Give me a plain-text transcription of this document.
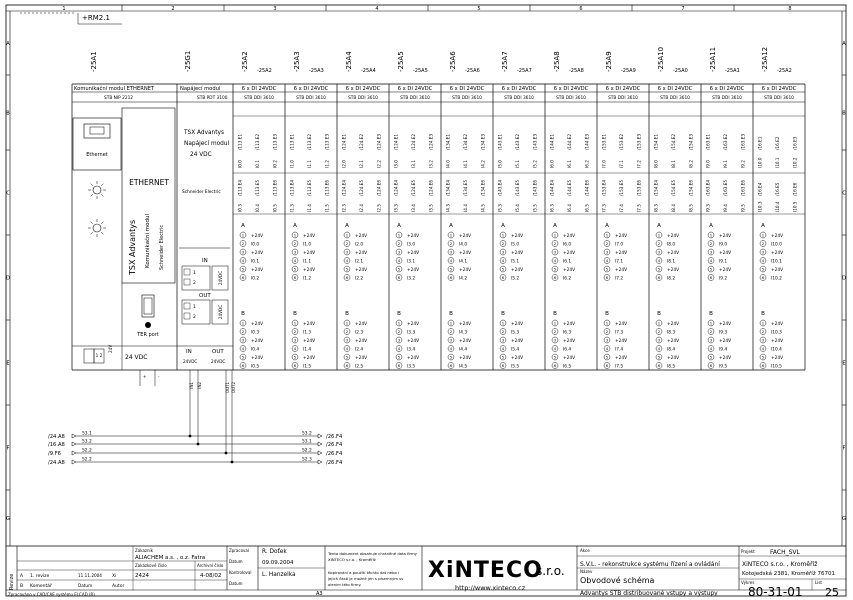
1	2	3	4	5	6	7	8
A	A
B	B
C	C
D	D
E	E
F	F
G	G
+RM2.1
-25A1
Komunikační modul ETHERNET
STB NIP 2212
-25G1
Napájecí modul
STB PDT 3100
-25A2 -25A2
6 x DI 24VDC
STB DDI 3610
-25A3 -25A3
6 x DI 24VDC
STB DDI 3610
-25A4 -25A4
6 x DI 24VDC
STB DDI 3610
-25A5 -25A5
6 x DI 24VDC
STB DDI 3610
-25A6 -25A6
6 x DI 24VDC
STB DDI 3610
-25A7 -25A7
6 x DI 24VDC
STB DDI 3610
-25A8 -25A8
6 x DI 24VDC
STB DDI 3610
-25A9 -25A9
6 x DI 24VDC
STB DDI 3610
-25A10 -25A0
6 x DI 24VDC
STB DDI 3610
-25A11 -25A1
6 x DI 24VDC
STB DDI 3610
-25A12 -25A2
6 x DI 24VDC
STB DDI 3610
Ethernet
ETHERNET
TSX Advantys Komunikační modul Schneider Electric
TER port
TSX Advantys
Napájecí modul
24 VDC
Schneider Electric
IN
24VDC
OUT
24VDC
1
1
2
2
/113.E1
I0.0
/113.E4
I0.3
/113.E2
I0.1
/113.E5
I0.4
/113.E3
I0.2
/113.E6
I0.5
A
1 +24V
2 I0.0
3 +24V
4 I0.1
5 +24V
6 I0.2
B
1 +24V
2 I0.3
3 +24V
4 I0.4
5 +24V
6 I0.5
/113.E1
I1.0
/113.E4
I1.3
/113.E2
I1.1
/113.E5
I1.4
/113.E3
I1.2
/113.E6
I1.5
A
1 +24V
2 I1.0
3 +24V
4 I1.1
5 +24V
6 I1.2
B
1 +24V
2 I1.3
3 +24V
4 I1.4
5 +24V
6 I1.5
/124.E1
I2.0
/124.E4
I2.3
/124.E2
I2.1
/124.E5
I2.4
/124.E3
I2.2
/124.E6
I2.5
A
1 +24V
2 I2.0
3 +24V
4 I2.1
5 +24V
6 I2.2
B
1 +24V
2 I2.3
3 +24V
4 I2.4
5 +24V
6 I2.5
/124.E1
I3.0
/124.E4
I3.3
/124.E2
I3.1
/124.E5
I3.4
/124.E3
I3.2
/124.E6
I3.5
A
1 +24V
2 I3.0
3 +24V
4 I3.1
5 +24V
6 I3.2
B
1 +24V
2 I3.3
3 +24V
4 I3.4
5 +24V
6 I3.5
/134.E1
I4.0
/134.E4
I4.3
/134.E2
I4.1
/134.E5
I4.4
/134.E3
I4.2
/134.E6
I4.5
A
1 +24V
2 I4.0
3 +24V
4 I4.1
5 +24V
6 I4.2
B
1 +24V
2 I4.3
3 +24V
4 I4.4
5 +24V
6 I4.5
/143.E1
I5.0
/143.E4
I5.3
/143.E2
I5.1
/143.E5
I5.4
/143.E3
I5.2
/143.E6
I5.5
A
1 +24V
2 I5.0
3 +24V
4 I5.1
5 +24V
6 I5.2
B
1 +24V
2 I5.3
3 +24V
4 I5.4
5 +24V
6 I5.5
/144.E1
I6.0
/144.E4
I6.3
/144.E2
I6.1
/144.E5
I6.4
/144.E3
I6.2
/144.E6
I6.5
A
1 +24V
2 I6.0
3 +24V
4 I6.1
5 +24V
6 I6.2
B
1 +24V
2 I6.3
3 +24V
4 I6.4
5 +24V
6 I6.5
/153.E1
I7.0
/153.E4
I7.3
/153.E2
I7.1
/153.E5
I7.4
/153.E3
I7.2
/153.E6
I7.5
A
1 +24V
2 I7.0
3 +24V
4 I7.1
5 +24V
6 I7.2
B
1 +24V
2 I7.3
3 +24V
4 I7.4
5 +24V
6 I7.5
/154.E1
I8.0
/154.E4
I8.3
/154.E2
I8.1
/154.E5
I8.4
/154.E3
I8.2
/154.E6
I8.5
A
1 +24V
2 I8.0
3 +24V
4 I8.1
5 +24V
6 I8.2
B
1 +24V
2 I8.3
3 +24V
4 I8.4
5 +24V
6 I8.5
/163.E1
I9.0
/163.E4
I9.3
/163.E2
I9.1
/163.E5
I9.4
/163.E3
I9.2
/163.E6
I9.5
A
1 +24V
2 I9.0
3 +24V
4 I9.1
5 +24V
6 I9.2
B
1 +24V
2 I9.3
3 +24V
4 I9.4
5 +24V
6 I9.5
/16.E1
I10.0
/16.E4
I10.3
/16.E2
I10.1
/16.E5
I10.4
/16.E3
I10.2
/16.E6
I10.5
A
1 +24V
2 I10.0
3 +24V
4 I10.1
5 +24V
6 I10.2
B
1 +24V
2 I10.3
3 +24V
4 I10.4
5 +24V
6 I10.5
1 2
24V
24 VDC
IN	OUT
24VDC	24VDC
IN1 IN2	OUT1 OUT2
+	-
/24.A8	53.1	53.2	/26.F4
/16.A8	53.2	53.1	/26.F4
/9.F6	52.2	52.2	/26.F4
/24.A8	52.2	52.3	/26.F4
Revize A 1. revize	11.11.2004 Xi
B Komentář	Datum	Autor
Zákazník
ALIACHEM a.s. , o.z. Fatra
Zakázkové číslo
2424
Archivní číslo
4-08/02
Zpracoval R. Doťek
Datum	09.09.2004
Kontroloval L. Hanzelka
Datum
A3
Tento dokument obsahuje chráněné data firmy
XINTECO s.r.o. , Kroměříž
Kopírování a použití těchto dat nebo i
jejich částí je možné jen s písemným sv
olením této firmy.
XiNTECO
s.r.o.
http://www.xinteco.cz
Akce
S.V.L. - rekonstrukce systému řízení a ovládání
Název
Obvodové schéma
Advantys STB distribuované vstupy a výstupy
Projekt	FACH_SVL
XiNTECO s.r.o. , Kroměříž
Kotojedská 2381, Kroměříž 76701
Výkres
80-31-01
List
25
Zpracováno v CAD/CAE systému ELCAD (R)
